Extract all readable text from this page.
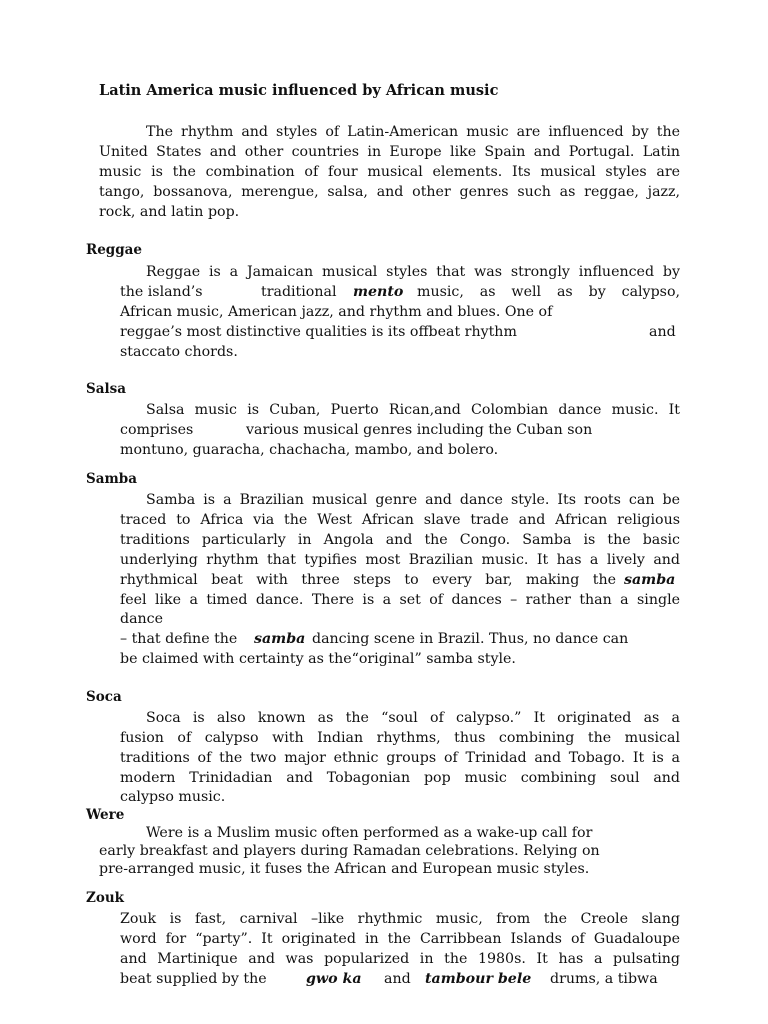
Latin America music influenced by African music
The rhythm and styles of Latin-American music are influenced by the
United States and other countries in Europe like Spain and Portugal. Latin
music is the combination of four musical elements. Its musical styles are
tango, bossanova, merengue, salsa, and other genres such as reggae, jazz,
rock, and latin pop.
Reggae
Reggae is a Jamaican musical styles that was strongly influenced by
the island’s	traditional mento music, as well as by calypso,
African music, American jazz, and rhythm and blues. One of
reggae’s most distinctive qualities is its offbeat rhythm	and
staccato chords.
Salsa
Salsa music is Cuban, Puerto Rican,and Colombian dance music. It
comprises	various musical genres including the Cuban son
montuno, guaracha, chachacha, mambo, and bolero.
Samba
Samba is a Brazilian musical genre and dance style. Its roots can be
traced to Africa via the West African slave trade and African religious
traditions particularly in Angola and the Congo. Samba is the basic
underlying rhythm that typifies most Brazilian music. It has a lively and
rhythmical beat with three steps to every bar, making the samba
feel like a timed dance. There is a set of dances – rather than a single
dance
– that define the samba dancing scene in Brazil. Thus, no dance can
be claimed with certainty as the“original” samba style.
Soca
Soca is also known as the “soul of calypso.” It originated as a
fusion of calypso with Indian rhythms, thus combining the musical
traditions of the two major ethnic groups of Trinidad and Tobago. It is a
modern Trinidadian and Tobagonian pop music combining soul and
calypso music.
Were
Were is a Muslim music often performed as a wake-up call for
early breakfast and players during Ramadan celebrations. Relying on
pre-arranged music, it fuses the African and European music styles.
Zouk
Zouk is fast, carnival –like rhythmic music, from the Creole slang
word for “party”. It originated in the Carribbean Islands of Guadaloupe
and Martinique and was popularized in the 1980s. It has a pulsating
beat supplied by the	gwo ka and tambour bele drums, a tibwa
